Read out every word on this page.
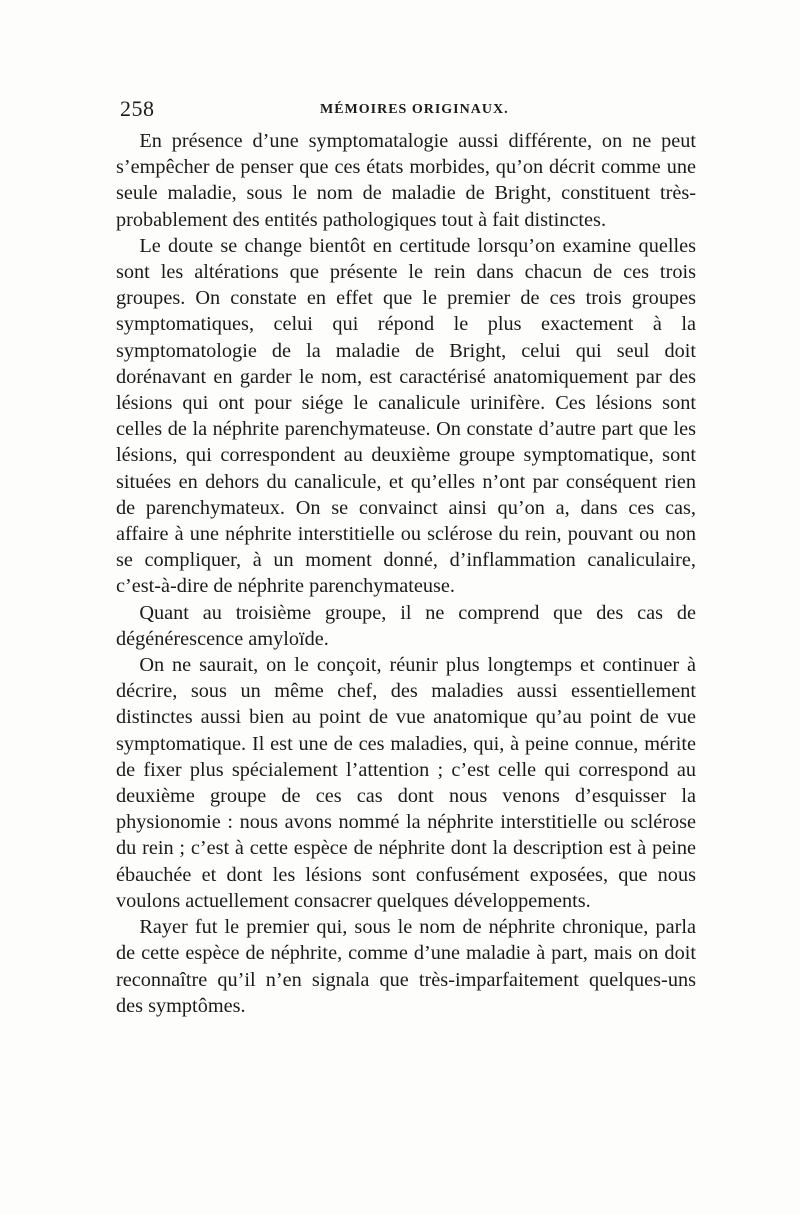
258	MÉMOIRES ORIGINAUX.

En présence d’une symptomatalogie aussi différente, on ne peut s’empêcher de penser que ces états morbides, qu’on décrit comme une seule maladie, sous le nom de maladie de Bright, constituent très-probablement des entités pathologiques tout à fait distinctes.

Le doute se change bientôt en certitude lorsqu’on examine quelles sont les altérations que présente le rein dans chacun de ces trois groupes. On constate en effet que le premier de ces trois groupes symptomatiques, celui qui répond le plus exactement à la symptomatologie de la maladie de Bright, celui qui seul doit dorénavant en garder le nom, est caractérisé anatomiquement par des lésions qui ont pour siége le canalicule urinifère. Ces lésions sont celles de la néphrite parenchymateuse. On constate d’autre part que les lésions, qui correspondent au deuxième groupe symptomatique, sont situées en dehors du canalicule, et qu’elles n’ont par conséquent rien de parenchymateux. On se convainct ainsi qu’on a, dans ces cas, affaire à une néphrite interstitielle ou sclérose du rein, pouvant ou non se compliquer, à un moment donné, d’inflammation canaliculaire, c’est-à-dire de néphrite parenchymateuse.

Quant au troisième groupe, il ne comprend que des cas de dégénérescence amyloïde.

On ne saurait, on le conçoit, réunir plus longtemps et continuer à décrire, sous un même chef, des maladies aussi essentiellement distinctes aussi bien au point de vue anatomique qu’au point de vue symptomatique. Il est une de ces maladies, qui, à peine connue, mérite de fixer plus spécialement l’attention ; c’est celle qui correspond au deuxième groupe de ces cas dont nous venons d’esquisser la physionomie : nous avons nommé la néphrite interstitielle ou sclérose du rein ; c’est à cette espèce de néphrite dont la description est à peine ébauchée et dont les lésions sont confusément exposées, que nous voulons actuellement consacrer quelques développements.

Rayer fut le premier qui, sous le nom de néphrite chronique, parla de cette espèce de néphrite, comme d’une maladie à part, mais on doit reconnaître qu’il n’en signala que très-imparfaitement quelques-uns des symptômes.
